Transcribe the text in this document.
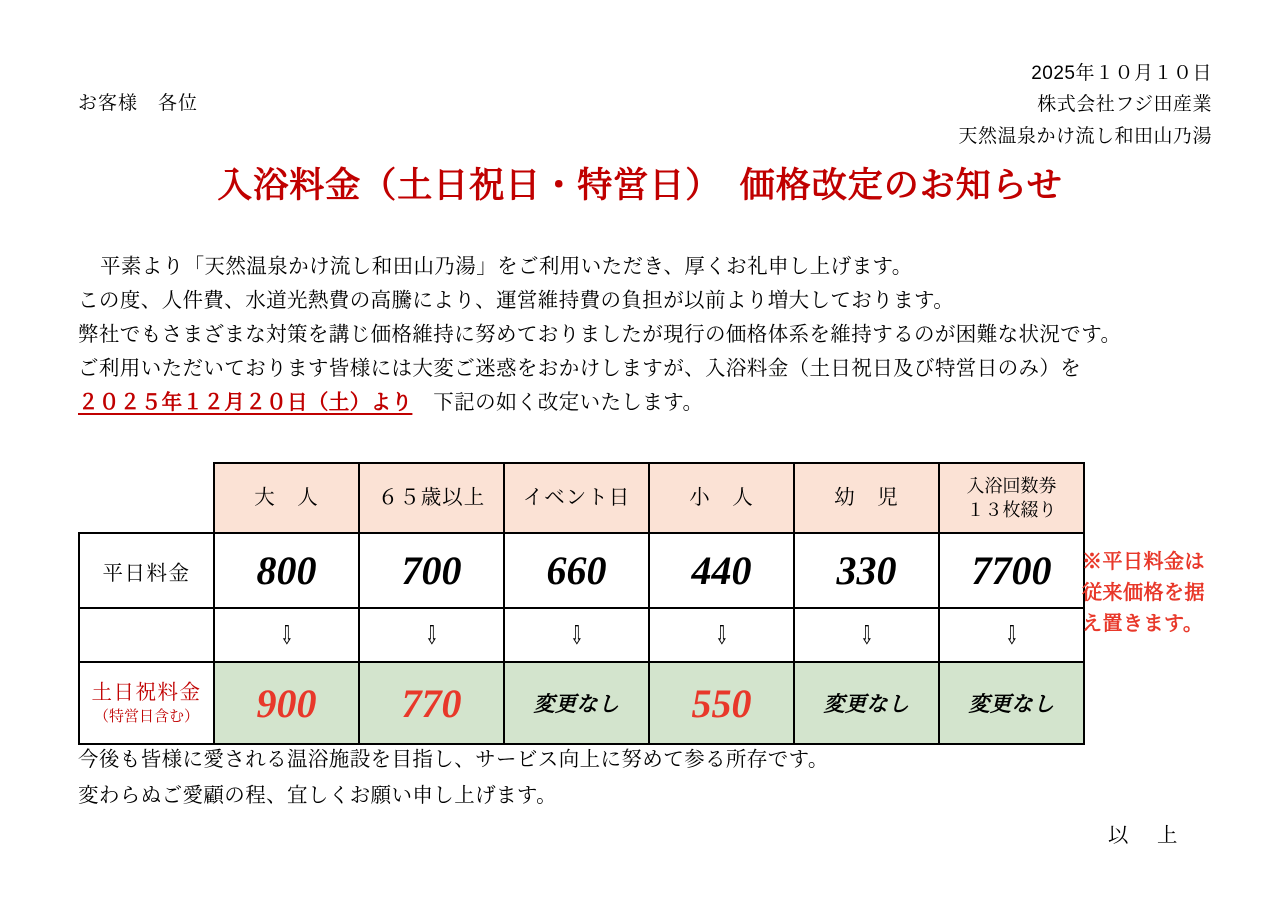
2025年１０月１０日
株式会社フジ田産業
天然温泉かけ流し和田山乃湯
お客様　各位
入浴料金（土日祝日・特営日）　価格改定のお知らせ

平素より「天然温泉かけ流し和田山乃湯」をご利用いただき、厚くお礼申し上げます。

この度、人件費、水道光熱費の高騰により、運営維持費の負担が以前より増大しております。

弊社でもさまざまな対策を講じ価格維持に努めておりましたが現行の価格体系を維持するのが困難な状況です。

ご利用いただいております皆様には大変ご迷惑をおかけしますが、入浴料金（土日祝日及び特営日のみ）を

２０２５年１２月２０日（土）より　下記の如く改定いたします。

	大　人	６５歳以上	イベント日	小　人	幼　児	入浴回数券
１３枚綴り
平日料金	800	700	660	440	330	7700
	⇩	⇩	⇩	⇩	⇩	⇩

土日祝料金
（特営日含む）	900	770	変更なし	550	変更なし	変更なし
※平日料金は従来価格を据え置きます。

今後も皆様に愛される温浴施設を目指し、サービス向上に努めて参る所存です。

変わらぬご愛顧の程、宜しくお願い申し上げます。

以　上
